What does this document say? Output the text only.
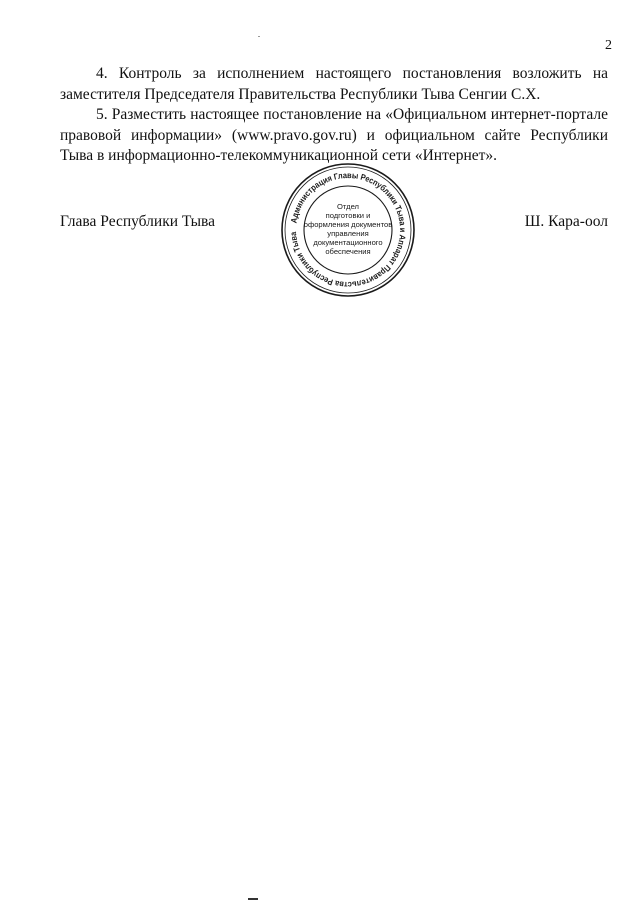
2

4. Контроль за исполнением настоящего постановления возложить на заместителя Председателя Правительства Республики Тыва Сенгии С.Х.

5. Разместить настоящее постановление на «Официальном интернет-портале правовой информации» (www.pravo.gov.ru) и официальном сайте Республики Тыва в информационно-телекоммуникационной сети «Интернет».

Глава Республики Тыва	Ш. Кара-оол
Администрация Главы Республики Тыва и Аппарат Правительства Республики Тыва
Отдел
подготовки и
оформления документов
управления
документационного
обеспечения
